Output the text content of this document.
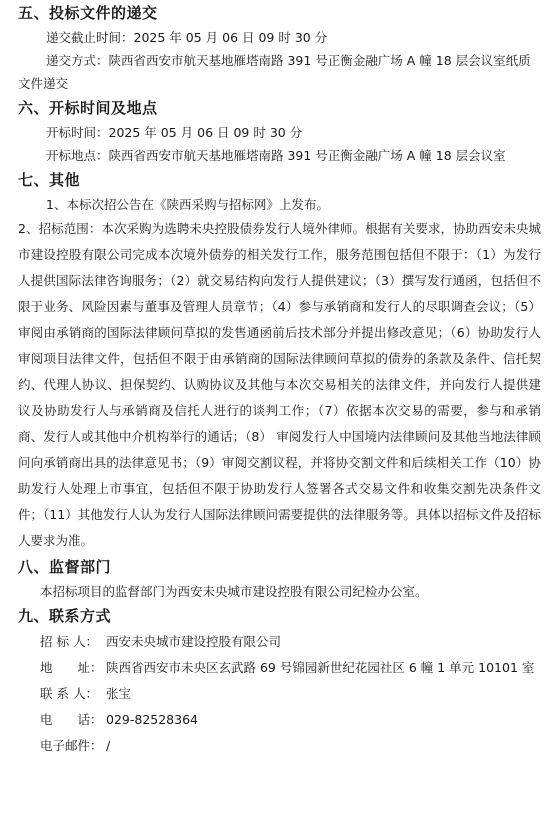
五、投标文件的递交

递交截止时间：2025 年 05 月 06 日 09 时 30 分

递交方式：陕西省西安市航天基地雁塔南路 391 号正衡金融广场 A 幢 18 层会议室纸质

文件递交

六、开标时间及地点

开标时间：2025 年 05 月 06 日 09 时 30 分

开标地点：陕西省西安市航天基地雁塔南路 391 号正衡金融广场 A 幢 18 层会议室

七、其他

1、本标次招公告在《陕西采购与招标网》上发布。

2、招标范围：本次采购为选聘未央控股债券发行人境外律师。根据有关要求，协助西安未央城市建设控股有限公司完成本次境外债券的相关发行工作，服务范围包括但不限于：（1）为发行人提供国际法律咨询服务；（2）就交易结构向发行人提供建议；（3）撰写发行通函，包括但不限于业务、风险因素与董事及管理人员章节；（4）参与承销商和发行人的尽职调查会议；（5）审阅由承销商的国际法律顾问草拟的发售通函前后技术部分并提出修改意见；（6）协助发行人审阅项目法律文件，包括但不限于由承销商的国际法律顾问草拟的债券的条款及条件、信托契约、代理人协议、担保契约、认购协议及其他与本次交易相关的法律文件，并向发行人提供建议及协助发行人与承销商及信托人进行的谈判工作；（7）依据本次交易的需要，参与和承销商、发行人或其他中介机构举行的通话；（8） 审阅发行人中国境内法律顾问及其他当地法律顾问向承销商出具的法律意见书；（9）审阅交割议程，并将协交割文件和后续相关工作（10）协助发行人处理上市事宜，包括但不限于协助发行人签署各式交易文件和收集交割先决条件文件；（11）其他发行人认为发行人国际法律顾问需要提供的法律服务等。具体以招标文件及招标人要求为准。

八、监督部门

本招标项目的监督部门为西安未央城市建设控股有限公司纪检办公室。

九、联系方式
招 标 人： 西安未央城市建设控股有限公司
地　　址： 陕西省西安市未央区玄武路 69 号锦园新世纪花园社区 6 幢 1 单元 10101 室
联 系 人： 张宝
电　　话： 029-82528364
电子邮件： /
